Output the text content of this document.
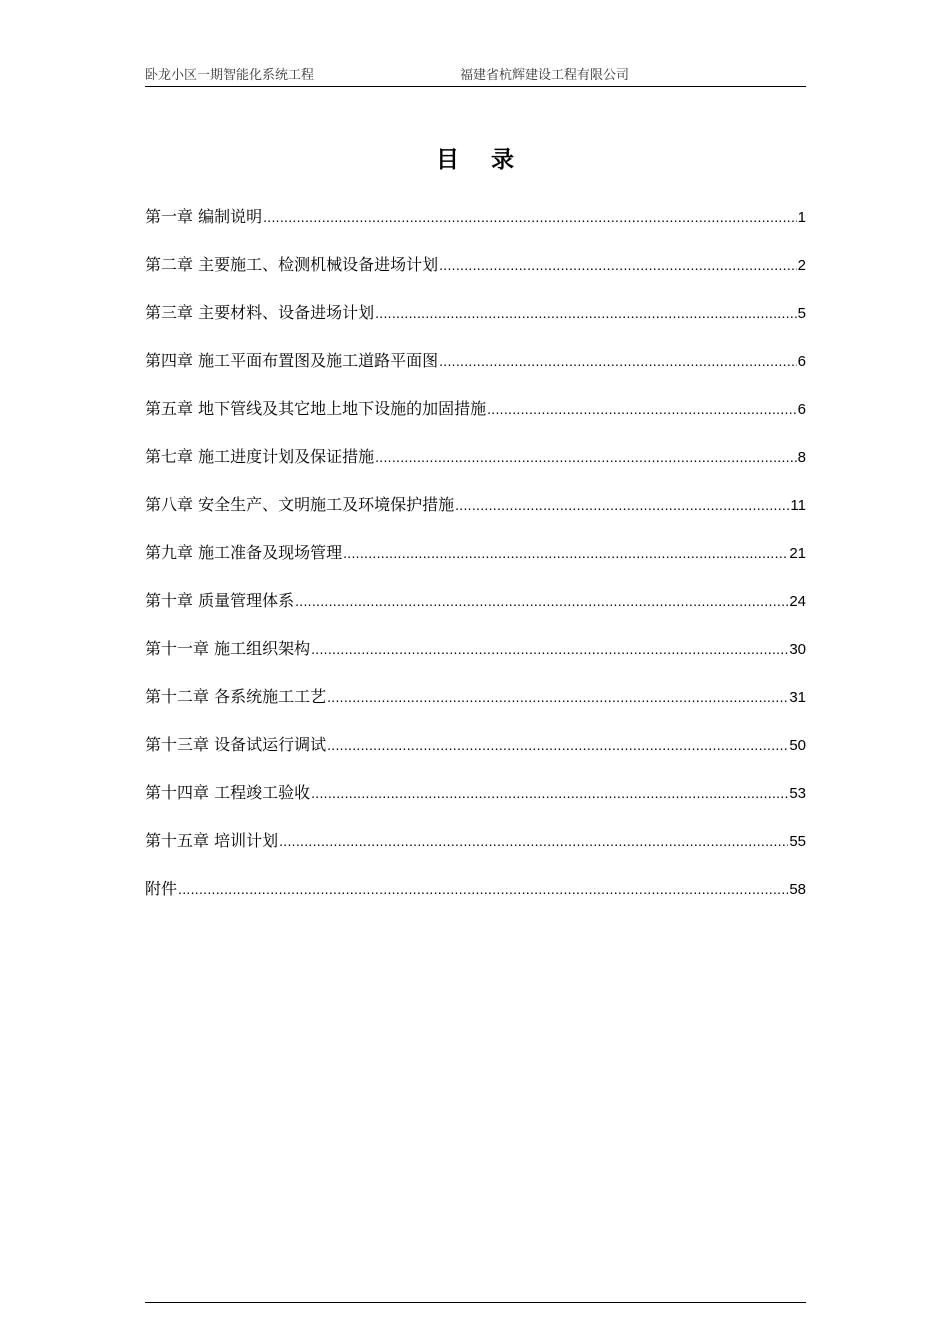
卧龙小区一期智能化系统工程	福建省杭辉建设工程有限公司
目 录
第一章 编制说明 .....	1
第二章 主要施工、检测机械设备进场计划 .....	2
第三章 主要材料、设备进场计划 .....	5
第四章 施工平面布置图及施工道路平面图 .....	6
第五章 地下管线及其它地上地下设施的加固措施 .....	6
第七章 施工进度计划及保证措施 .....	8
第八章 安全生产、文明施工及环境保护措施 .....	11
第九章 施工准备及现场管理 .....	21
第十章 质量管理体系 .....	24
第十一章 施工组织架构 .....	30
第十二章 各系统施工工艺 .....	31
第十三章 设备试运行调试 .....	50
第十四章 工程竣工验收 .....	53
第十五章 培训计划 .....	55
附件 .....	58
